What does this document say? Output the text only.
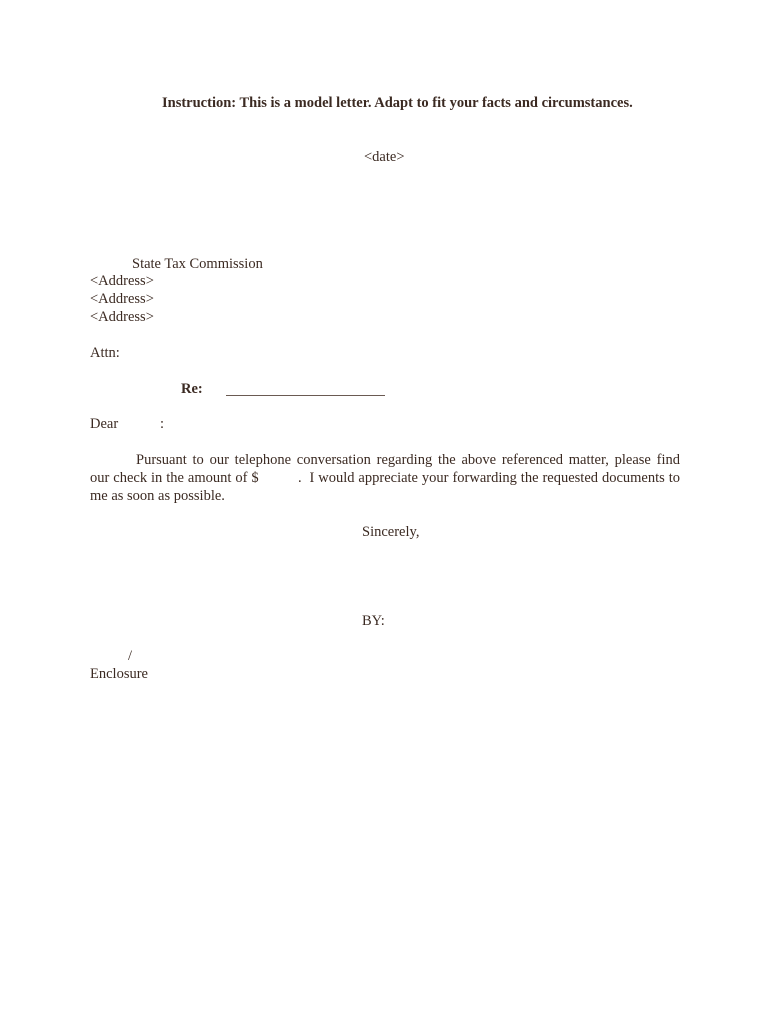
Instruction: This is a model letter. Adapt to fit your facts and circumstances.
<date>
State Tax Commission
<Address>
<Address>
<Address>
Attn:
Re:
Dear	:
Pursuant to our telephone conversation regarding the above referenced matter, please find
our check in the amount of $          .  I would appreciate your forwarding the requested documents to
me as soon as possible.
Sincerely,
BY:
/
Enclosure
